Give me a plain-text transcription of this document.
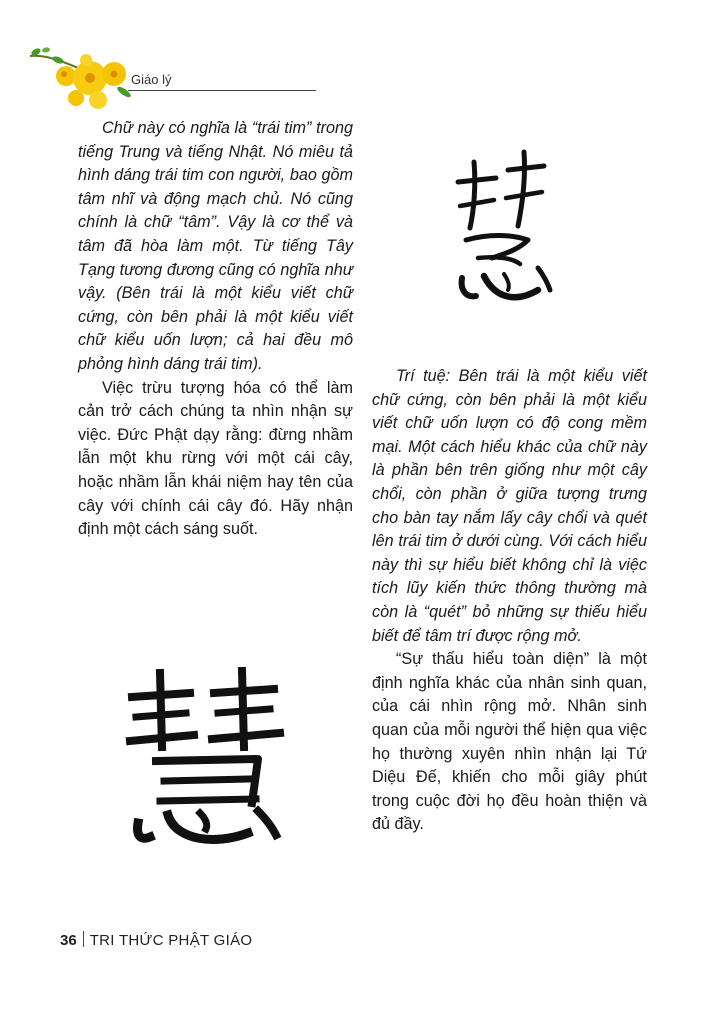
Giáo lý

Chữ này có nghĩa là “trái tim” trong tiếng Trung và tiếng Nhật. Nó miêu tả hình dáng trái tim con người, bao gồm tâm nhĩ và động mạch chủ. Nó cũng chính là chữ “tâm”. Vậy là cơ thể và tâm đã hòa làm một. Từ tiếng Tây Tạng tương đương cũng có nghĩa như vậy. (Bên trái là một kiểu viết chữ cứng, còn bên phải là một kiểu viết chữ kiểu uốn lượn; cả hai đều mô phỏng hình dáng trái tim).

Việc trừu tượng hóa có thể làm cản trở cách chúng ta nhìn nhận sự việc. Đức Phật dạy rằng: đừng nhầm lẫn một khu rừng với một cái cây, hoặc nhầm lẫn khái niệm hay tên của cây với chính cái cây đó. Hãy nhận định một cách sáng suốt.

Trí tuệ: Bên trái là một kiểu viết chữ cứng, còn bên phải là một kiểu viết chữ uốn lượn có độ cong mềm mại. Một cách hiểu khác của chữ này là phần bên trên giống như một cây chổi, còn phần ở giữa tượng trưng cho bàn tay nắm lấy cây chổi và quét lên trái tim ở dưới cùng. Với cách hiểu này thì sự hiểu biết không chỉ là việc tích lũy kiến thức thông thường mà còn là “quét” bỏ những sự thiếu hiểu biết để tâm trí được rộng mở.

“Sự thấu hiểu toàn diện” là một định nghĩa khác của nhân sinh quan, của cái nhìn rộng mở. Nhân sinh quan của mỗi người thể hiện qua việc họ thường xuyên nhìn nhận lại Tứ Diệu Đế, khiến cho mỗi giây phút trong cuộc đời họ đều hoàn thiện và đủ đầy.

36 TRI THỨC PHẬT GIÁO
